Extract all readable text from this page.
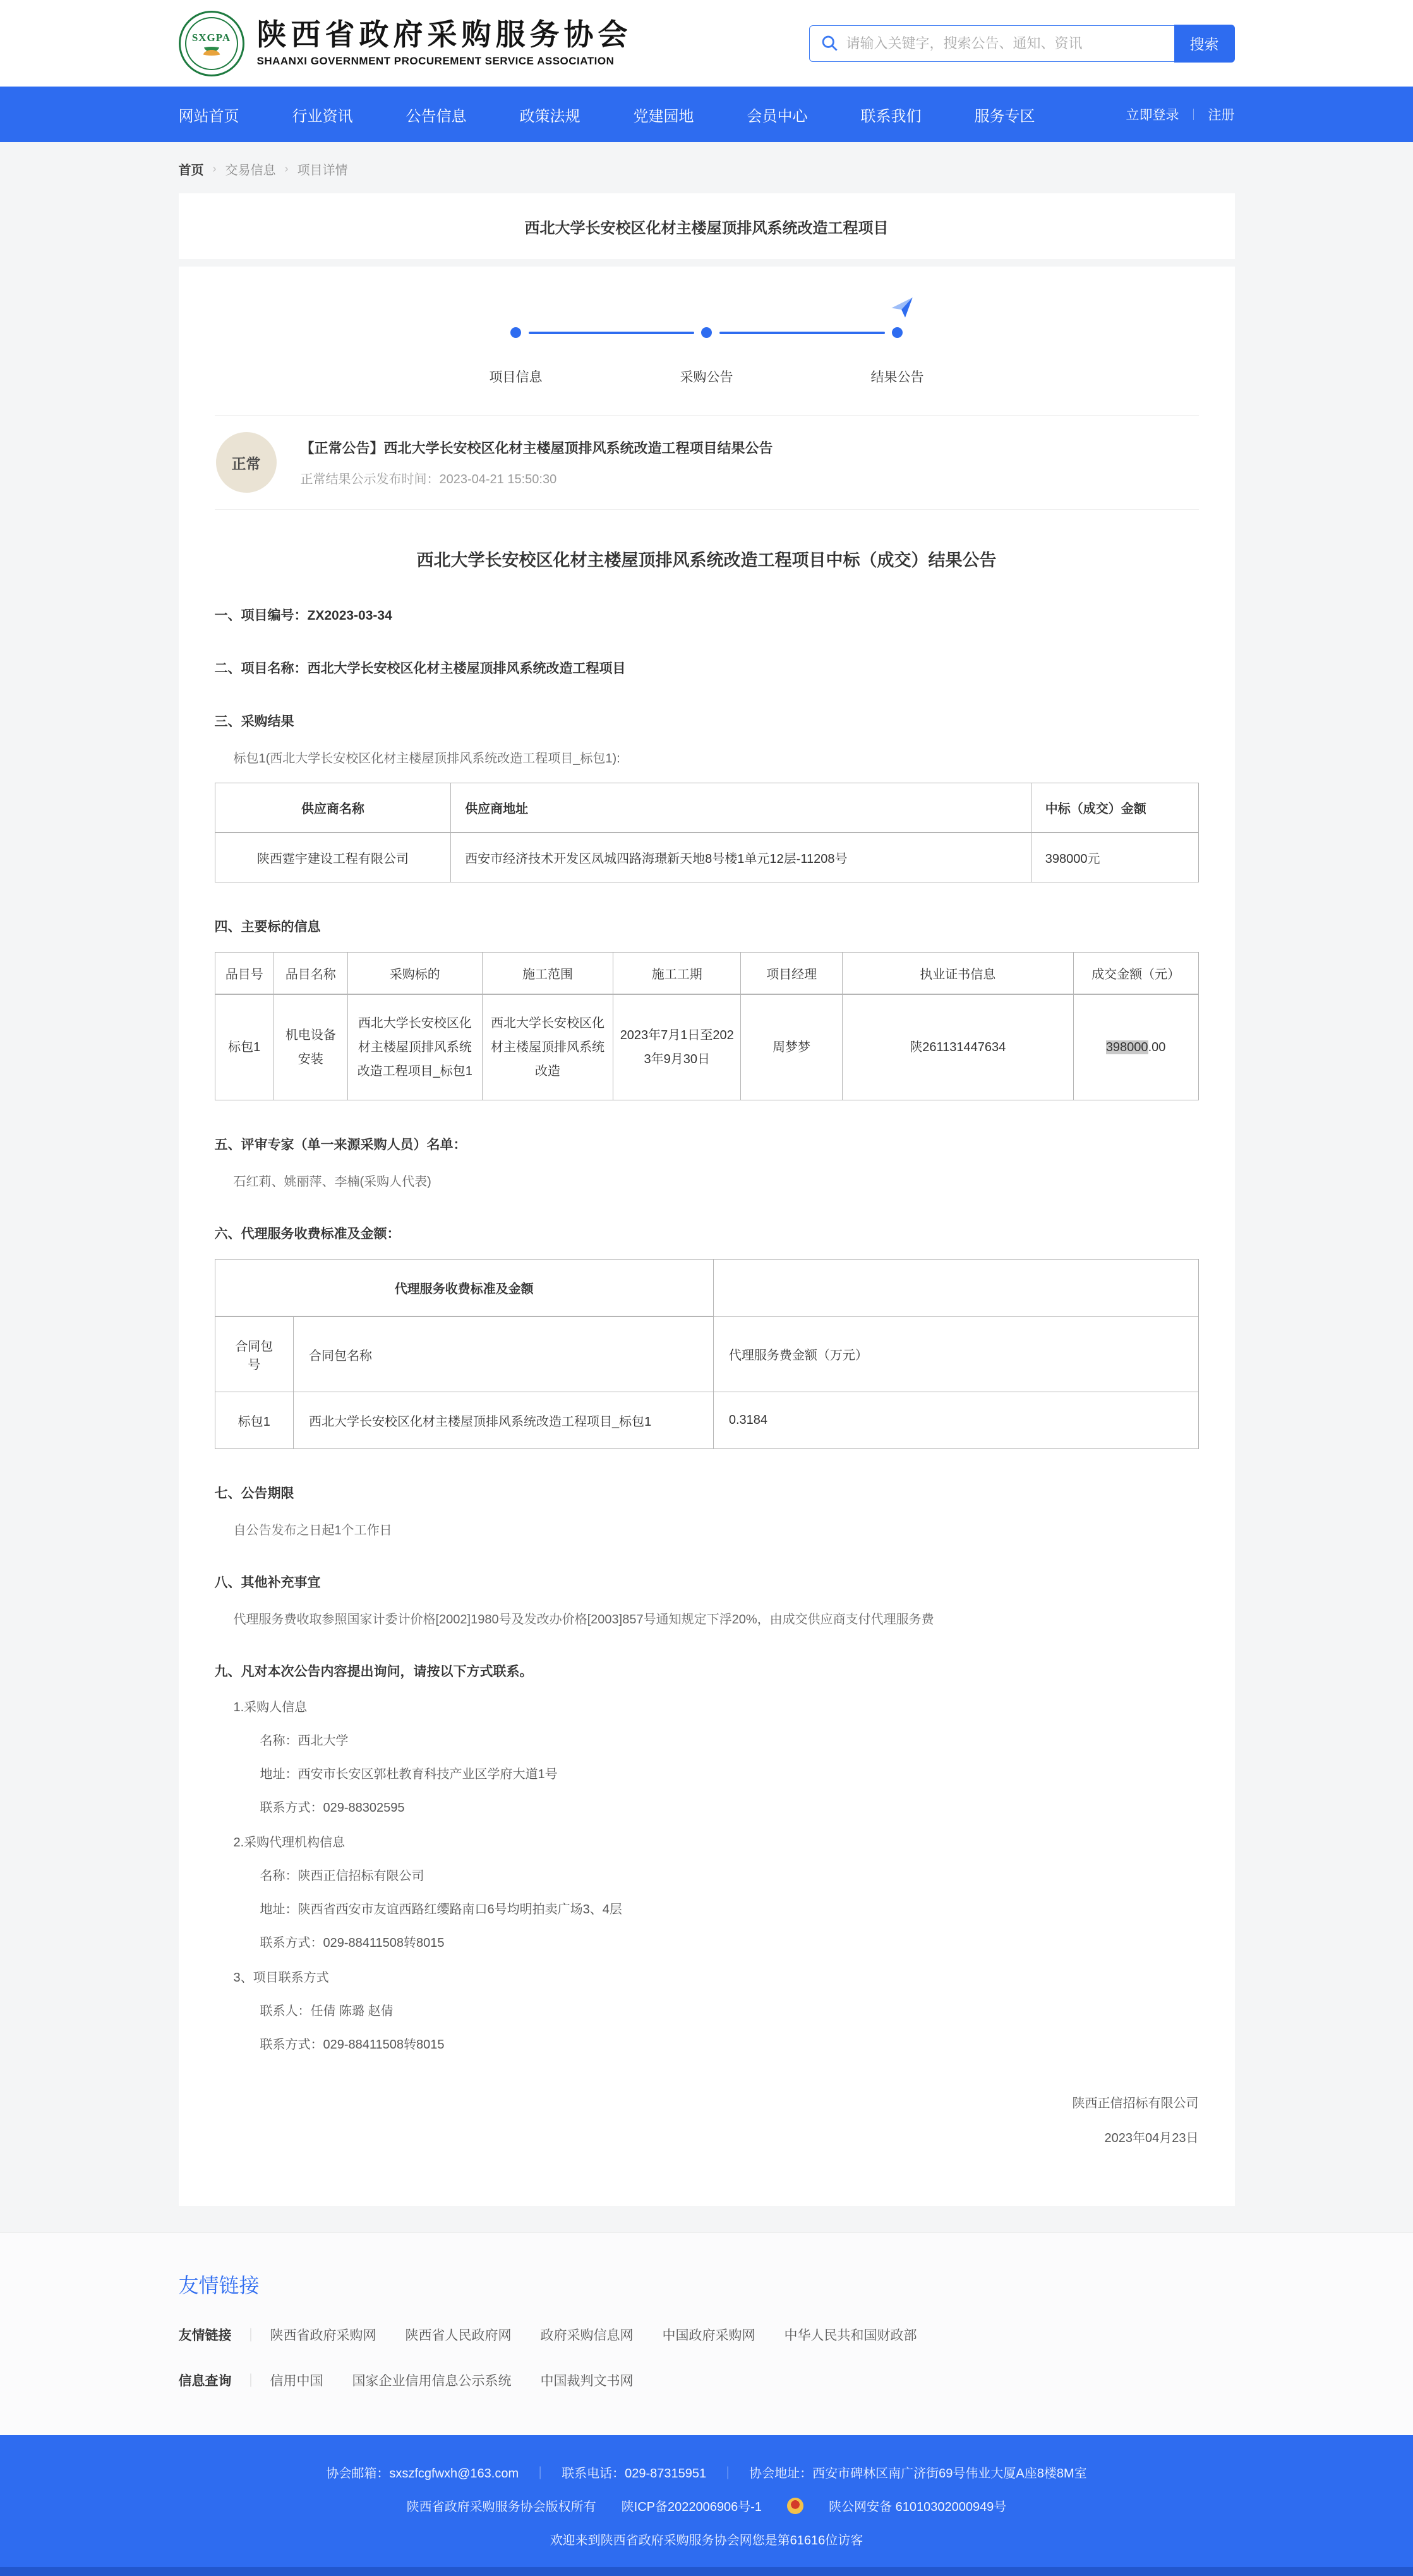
SXGPA 陕西省政府采购服务协会
SHAANXI GOVERNMENT PROCUREMENT SERVICE ASSOCIATION
请输入关键字，搜索公告、通知、资讯
搜索
网站首页	行业资讯	公告信息	政策法规	党建园地	会员中心	联系我们	服务专区	立即登录 ｜ 注册
首页 › 交易信息 › 项目详情
西北大学长安校区化材主楼屋顶排风系统改造工程项目
项目信息	采购公告	结果公告
正常
【正常公告】西北大学长安校区化材主楼屋顶排风系统改造工程项目结果公告
正常结果公示发布时间：2023-04-21 15:50:30
西北大学长安校区化材主楼屋顶排风系统改造工程项目中标（成交）结果公告
一、项目编号：ZX2023-03-34
二、项目名称：西北大学长安校区化材主楼屋顶排风系统改造工程项目
三、采购结果
标包1(西北大学长安校区化材主楼屋顶排风系统改造工程项目_标包1):
供应商名称	供应商地址	中标（成交）金额
陕西霆宇建设工程有限公司	西安市经济技术开发区凤城四路海璟新天地8号楼1单元12层-11208号	398000元
四、主要标的信息
品目号	品目名称	采购标的	施工范围	施工工期	项目经理	执业证书信息	成交金额（元）
标包1	机电设备安装	西北大学长安校区化材主楼屋顶排风系统改造工程项目_标包1	西北大学长安校区化材主楼屋顶排风系统改造	2023年7月1日至2023年9月30日	周梦梦	陕261131447634	398000.00
五、评审专家（单一来源采购人员）名单：
石红莉、姚丽萍、李楠(采购人代表)
六、代理服务收费标准及金额：
代理服务收费标准及金额		
合同包号	合同包名称	代理服务费金额（万元）
标包1	西北大学长安校区化材主楼屋顶排风系统改造工程项目_标包1	0.3184
七、公告期限
自公告发布之日起1个工作日
八、其他补充事宜
代理服务费收取参照国家计委计价格[2002]1980号及发改办价格[2003]857号通知规定下浮20%，由成交供应商支付代理服务费
九、凡对本次公告内容提出询问，请按以下方式联系。
1.采购人信息
名称：西北大学
地址：西安市长安区郭杜教育科技产业区学府大道1号
联系方式：029-88302595
2.采购代理机构信息
名称：陕西正信招标有限公司
地址：陕西省西安市友谊西路红缨路南口6号均明拍卖广场3、4层
联系方式：029-88411508转8015
3、项目联系方式
联系人：任倩 陈璐 赵倩
联系方式：029-88411508转8015
陕西正信招标有限公司
2023年04月23日
友情链接
友情链接 ｜ 陕西省政府采购网 陕西省人民政府网 政府采购信息网 中国政府采购网 中华人民共和国财政部
信息查询 ｜ 信用中国 国家企业信用信息公示系统 中国裁判文书网
协会邮箱：sxszfcgfwxh@163.com ｜ 联系电话：029-87315951 ｜ 协会地址：西安市碑林区南广济街69号伟业大厦A座8楼8M室
陕西省政府采购服务协会版权所有 陕ICP备2022006906号-1	陕公网安备 61010302000949号
欢迎来到陕西省政府采购服务协会网您是第61616位访客
